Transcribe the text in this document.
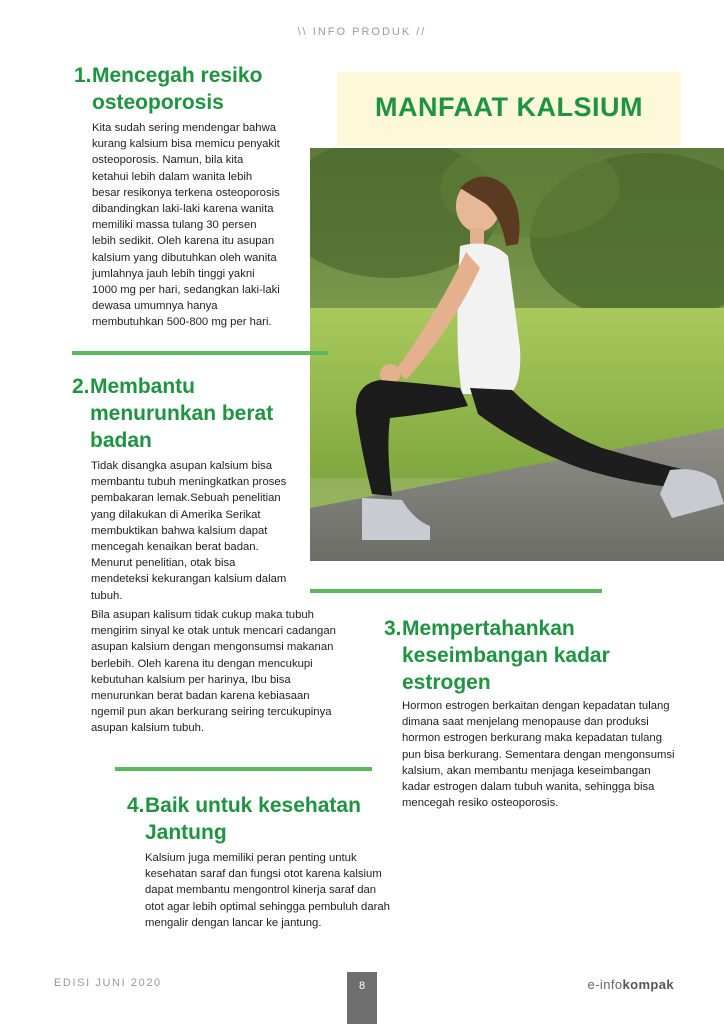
\\ INFO PRODUK //
MANFAAT KALSIUM
1. Mencegah resiko osteoporosis
Kita sudah sering mendengar bahwa kurang kalsium bisa memicu penyakit osteoporosis. Namun, bila kita ketahui lebih dalam wanita lebih besar resikonya terkena osteoporosis dibandingkan laki-laki karena wanita memiliki massa tulang 30 persen lebih sedikit. Oleh karena itu asupan kalsium yang dibutuhkan oleh wanita jumlahnya jauh lebih tinggi yakni 1000 mg per hari, sedangkan laki-laki dewasa umumnya hanya membutuhkan 500-800 mg per hari.
2. Membantu menurunkan berat badan
Tidak disangka asupan kalsium bisa membantu tubuh meningkatkan proses pembakaran lemak.Sebuah penelitian yang dilakukan di Amerika Serikat membuktikan bahwa kalsium dapat mencegah kenaikan berat badan. Menurut penelitian, otak bisa mendeteksi kekurangan kalsium dalam tubuh.
Bila asupan kalisum tidak cukup maka tubuh mengirim sinyal ke otak untuk mencari cadangan asupan kalsium dengan mengonsumsi makanan berlebih. Oleh karena itu dengan mencukupi kebutuhan kalsium per harinya, Ibu bisa menurunkan berat badan karena kebiasaan ngemil pun akan berkurang seiring tercukupinya asupan kalsium tubuh.
3. Mempertahankan keseimbangan kadar estrogen
Hormon estrogen berkaitan dengan kepadatan tulang dimana saat menjelang menopause dan produksi hormon estrogen berkurang maka kepadatan tulang pun bisa berkurang. Sementara dengan mengonsumsi kalsium, akan membantu menjaga keseimbangan kadar estrogen dalam tubuh wanita, sehingga bisa mencegah resiko osteoporosis.
4. Baik untuk kesehatan Jantung
Kalsium juga memiliki peran penting untuk kesehatan saraf dan fungsi otot karena kalsium dapat membantu mengontrol kinerja saraf dan otot agar lebih optimal sehingga pembuluh darah mengalir dengan lancar ke jantung.
EDISI JUNI 2020	8	e-infokompak
